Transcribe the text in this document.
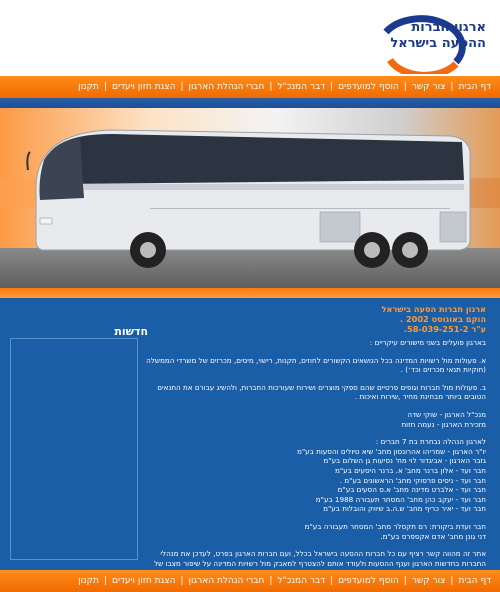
ארגון חברות
ההסעה בישראל
דף הבית
|
צור קשר
|
הוסף למועדפים
|
דבר המנכ"ל
|
חברי הנהלת הארגון
|
הצגת חזון ויעדים
|
תקנון
חדשות

ארגון חברות הסעה בישראל

הוקם באוגוסט 2002 .

ע"ר 58-039-251-2.

בארגון פועלים בשני מישורים עיקריים :

א. פעולות מול רשויות המדינה בכל הנושאים הקשורים לחוזים, תקנות, רישוי, מיסים, מכרזים של משרדי הממשלה (חוקיות תנאי מכרזים וכד׳) .

ב. פעולות מול חברות וגופים פרטיים שהם ספקי מוצרים ושירות שעורכות החברות, ולהשיג עבורם את התנאים הטובים ביותר מבחינת מחיר ,שירות ואיכות .

מנכ"ל הארגון - שוקי שדה

מזכירת הארגון - נעמה חזות

לארגון הנהלה נבחרת בת 7 חברים :

יו"ר הארגון - שמריהו אהרונסון מחב' שיא טיולים והסעות בע"מ

גזבר הארגון - אביגדור לוי מח' נסיעות גן השלום בע"מ

חבר ועד - אלון ברנר מחב' א. ברנר היסעים בע"מ

חבר ועד - ניסים פרסוקי מחב' הראשונים בע"מ .

חבר ועד - אלברט מדינה מחב' א.ס הסעים בע"מ

חבר ועד - יעקב כהן מחב' המסחר תעבורה 1988 בע"מ

חבר ועד - יאיר כריף מחב' ש.ה.ב שיווק והובלות בע"מ

חבר ועדת ביקורת: רם תקסלר מחב' המסחר תעבורה בע"מ

דני גונן מחב' אדם אקספרס בע"מ.

אתר זה מהווה קשר רציף עם כל חברות ההסעה בישראל בכלל, ועם חברות הארגון בפרט, לעדכן את מנהלי החברות בחדשות הארגון וענף ההסעות ולעודד אותם להצטרף למאבק מול רשויות המדינה על שיפור מצבו של

דף הבית
|
צור קשר
|
הוסף למועדפים
|
דבר המנכ"ל
|
חברי הנהלת הארגון
|
הצגת חזון ויעדים
|
תקנון
